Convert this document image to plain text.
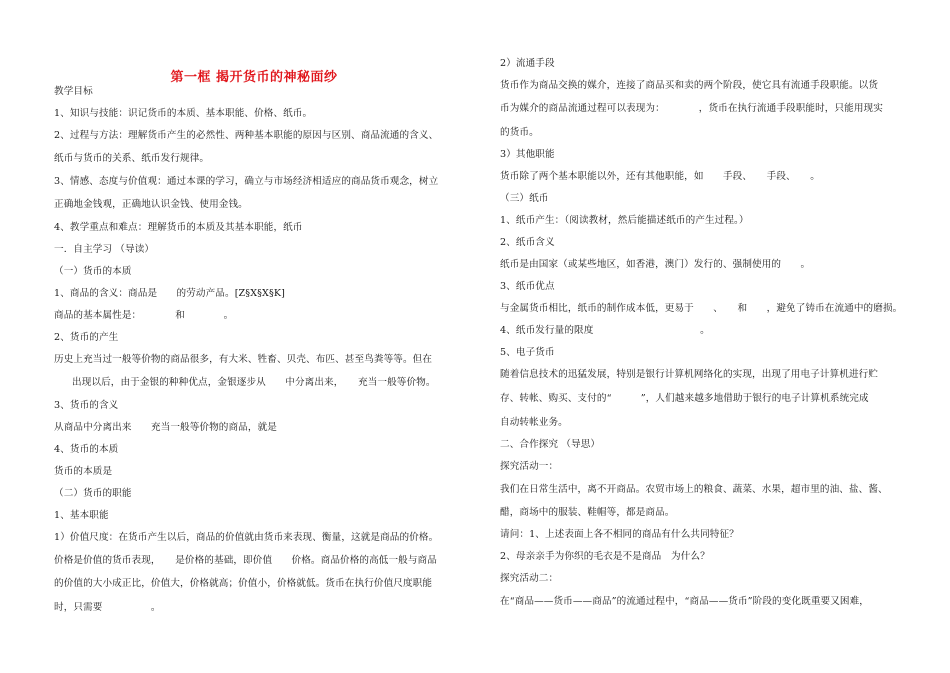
第一框 揭开货币的神秘面纱
教学目标
1、知识与技能：识记货币的本质、基本职能、价格、纸币。
2、过程与方法：理解货币产生的必然性、两种基本职能的原因与区别、商品流通的含义、
纸币与货币的关系、纸币发行规律。
3、情感、态度与价值观：通过本课的学习，确立与市场经济相适应的商品货币观念，树立
正确地金钱观，正确地认识金钱、使用金钱。
4、教学重点和难点：理解货币的本质及其基本职能，纸币
一．自主学习 （导读）
（一）货币的本质
1、商品的含义：商品是　　的劳动产品。[Z§X§X§K]
商品的基本属性是：　　　　和　　　　。
2、货币的产生
历史上充当过一般等价物的商品很多，有大米、牲畜、贝壳、布匹、甚至鸟粪等等。但在
出现以后，由于金银的种种优点，金银逐步从　　中分离出来，　　充当一般等价物。
3、货币的含义
从商品中分离出来　　充当一般等价物的商品，就是
4、货币的本质
货币的本质是
（二）货币的职能
1、基本职能
1）价值尺度：在货币产生以后，商品的价值就由货币来表现、衡量，这就是商品的价格。
价格是价值的货币表现，　　是价格的基础，即价值　　价格。商品价格的高低一般与商品
的价值的大小成正比，价值大，价格就高；价值小，价格就低。货币在执行价值尺度职能
时，只需要　　　　　。
2）流通手段
货币作为商品交换的媒介，连接了商品买和卖的两个阶段，使它具有流通手段职能。以货
币为媒介的商品流通过程可以表现为：　　　　，货币在执行流通手段职能时，只能用现实
的货币。
3）其他职能
货币除了两个基本职能以外，还有其他职能，如　　手段、　　手段、　　。
（三）纸币
1、纸币产生：（阅读教材，然后能描述纸币的产生过程。）
2、纸币含义
纸币是由国家（或某些地区，如香港，澳门）发行的、强制使用的　　。
3、纸币优点
与金属货币相比，纸币的制作成本低，更易于　　、　　和　　，避免了铸币在流通中的磨损。
4、纸币发行量的限度　　　　　　　　　　　。
5、电子货币
随着信息技术的迅猛发展，特别是银行计算机网络化的实现，出现了用电子计算机进行贮
存、转帐、购买、支付的“　　　”，人们越来越多地借助于银行的电子计算机系统完成
自动转帐业务。
二、合作探究 （导思）
探究活动一：
我们在日常生活中，离不开商品。农贸市场上的粮食、蔬菜、水果，超市里的油、盐、酱、
醋，商场中的服装、鞋帽等，都是商品。
请问：1、上述表面上各不相同的商品有什么共同特征？
2、母亲亲手为你织的毛衣是不是商品　为什么？
探究活动二：
在“商品——货币——商品”的流通过程中，“商品——货币”阶段的变化既重要又困难，
